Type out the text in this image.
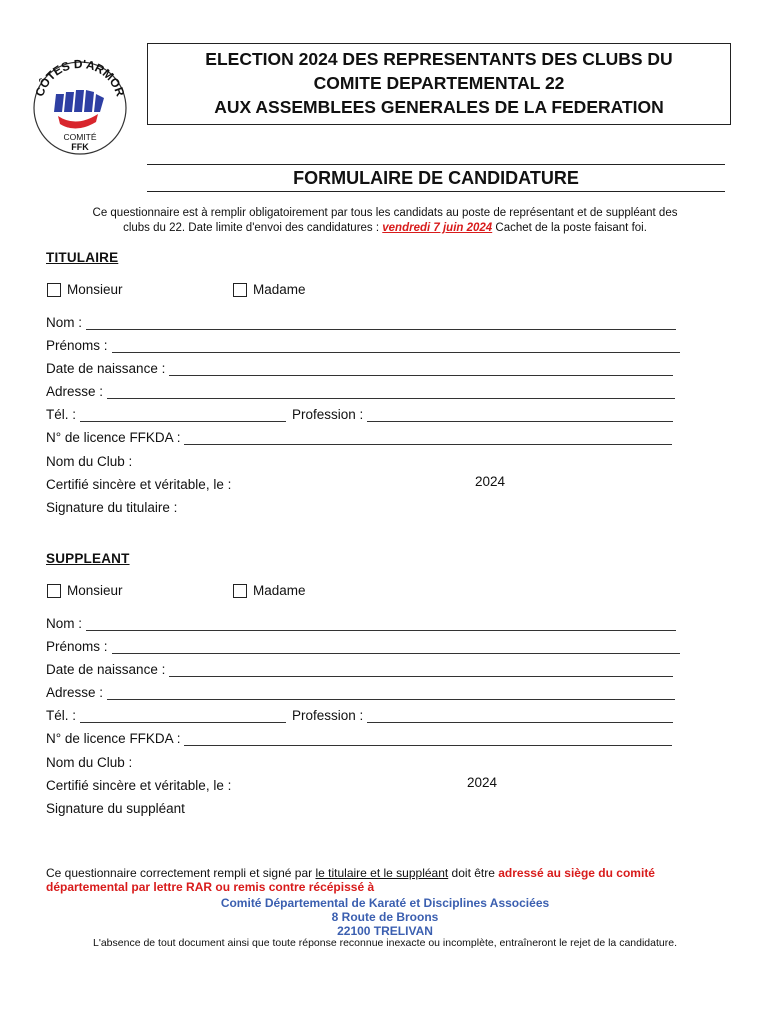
CÔTES D'ARMOR
COMITÉ
FFK
ELECTION 2024 DES REPRESENTANTS DES CLUBS DU
COMITE DEPARTEMENTAL 22
AUX ASSEMBLEES GENERALES DE LA FEDERATION
FORMULAIRE DE CANDIDATURE
Ce questionnaire est à remplir obligatoirement par tous les candidats au poste de représentant et de suppléant des
clubs du 22. Date limite d'envoi des candidatures : vendredi 7 juin 2024 Cachet de la poste faisant foi.
TITULAIRE
Monsieur	Madame
Nom :
Prénoms :
Date de naissance :
Adresse :
Tél. :	Profession :
N° de licence FFKDA :
Nom du Club :
Certifié sincère et véritable, le :	2024
Signature du titulaire :
SUPPLEANT
Monsieur	Madame
Nom :
Prénoms :
Date de naissance :
Adresse :
Tél. :	Profession :
N° de licence FFKDA :
Nom du Club :
Certifié sincère et véritable, le :	2024
Signature du suppléant
Ce questionnaire correctement rempli et signé par le titulaire et le suppléant doit être adressé au siège du comité
départemental par lettre RAR ou remis contre récépissé à
Comité Départemental de Karaté et Disciplines Associées
8 Route de Broons
22100 TRELIVAN
L'absence de tout document ainsi que toute réponse reconnue inexacte ou incomplète, entraîneront le rejet de la candidature.
